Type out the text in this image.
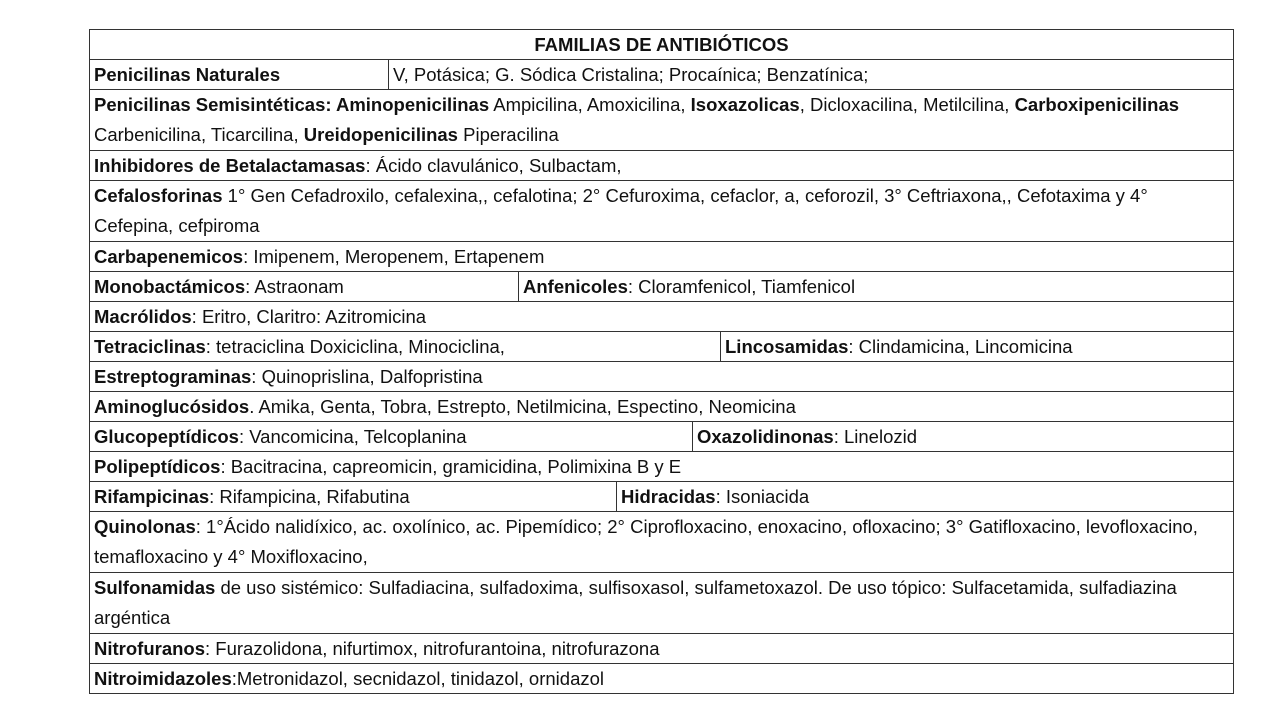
FAMILIAS DE ANTIBIÓTICOS
Penicilinas Naturales	V, Potásica; G. Sódica Cristalina; Procaínica; Benzatínica;
Penicilinas Semisintéticas: Aminopenicilinas Ampicilina, Amoxicilina, Isoxazolicas, Dicloxacilina, Metilcilina, Carboxipenicilinas Carbenicilina, Ticarcilina, Ureidopenicilinas Piperacilina
Inhibidores de Betalactamasas: Ácido clavulánico, Sulbactam,
Cefalosforinas 1° Gen Cefadroxilo, cefalexina,, cefalotina; 2° Cefuroxima, cefaclor, a, ceforozil, 3° Ceftriaxona,, Cefotaxima y 4° Cefepina, cefpiroma
Carbapenemicos: Imipenem, Meropenem, Ertapenem
Monobactámicos: Astraonam	Anfenicoles: Cloramfenicol, Tiamfenicol
Macrólidos: Eritro, Claritro: Azitromicina
Tetraciclinas: tetraciclina Doxiciclina, Minociclina,	Lincosamidas: Clindamicina, Lincomicina
Estreptograminas: Quinoprislina, Dalfopristina
Aminoglucósidos. Amika, Genta, Tobra, Estrepto, Netilmicina, Espectino, Neomicina
Glucopeptídicos: Vancomicina, Telcoplanina	Oxazolidinonas: Linelozid
Polipeptídicos: Bacitracina, capreomicin, gramicidina, Polimixina B y E
Rifampicinas: Rifampicina, Rifabutina	Hidracidas: Isoniacida
Quinolonas: 1°Ácido nalidíxico, ac. oxolínico, ac. Pipemídico; 2° Ciprofloxacino, enoxacino, ofloxacino; 3° Gatifloxacino, levofloxacino, temafloxacino y 4° Moxifloxacino,
Sulfonamidas de uso sistémico: Sulfadiacina, sulfadoxima, sulfisoxasol, sulfametoxazol. De uso tópico: Sulfacetamida, sulfadiazina argéntica
Nitrofuranos: Furazolidona, nifurtimox, nitrofurantoina, nitrofurazona
Nitroimidazoles:Metronidazol, secnidazol, tinidazol, ornidazol
